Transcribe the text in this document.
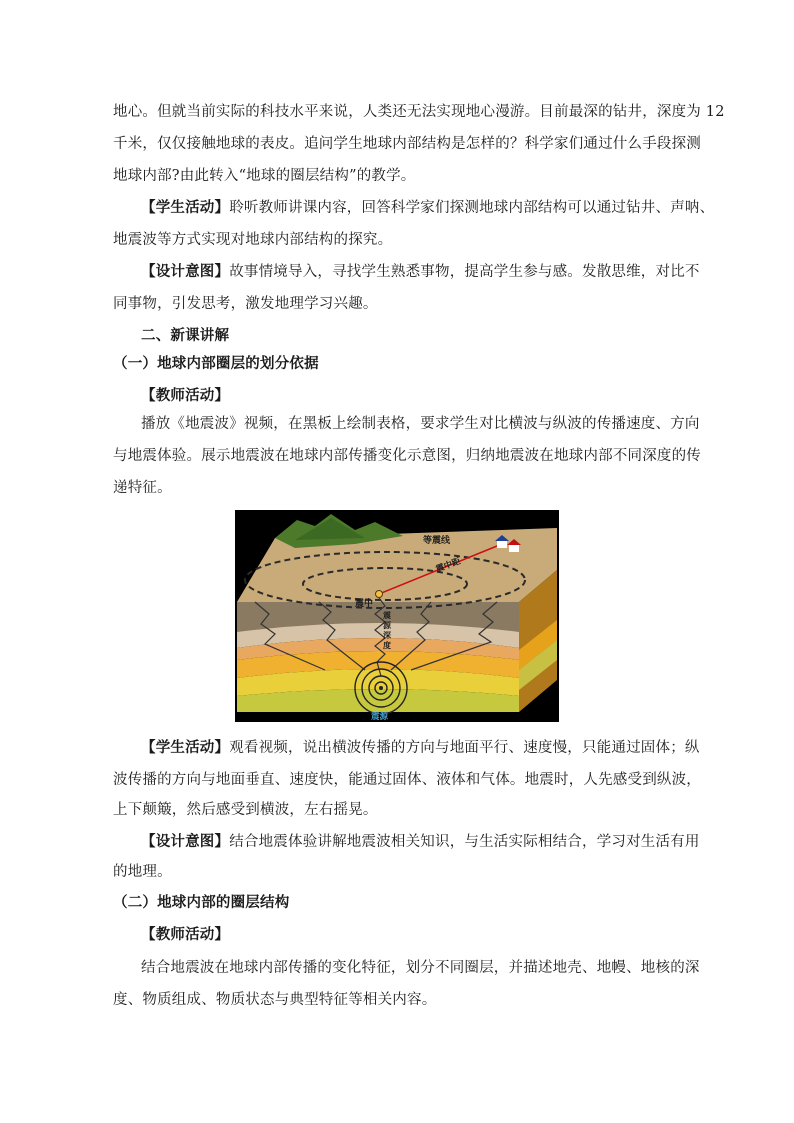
地心。但就当前实际的科技水平来说，人类还无法实现地心漫游。目前最深的钻井，深度为 12
千米，仅仅接触地球的表皮。追问学生地球内部结构是怎样的？科学家们通过什么手段探测
地球内部?由此转入“地球的圈层结构”的教学。
【学生活动】聆听教师讲课内容，回答科学家们探测地球内部结构可以通过钻井、声呐、
地震波等方式实现对地球内部结构的探究。
【设计意图】故事情境导入，寻找学生熟悉事物，提高学生参与感。发散思维，对比不
同事物，引发思考，激发地理学习兴趣。
二、新课讲解
（一）地球内部圈层的划分依据
【教师活动】
播放《地震波》视频，在黑板上绘制表格，要求学生对比横波与纵波的传播速度、方向
与地震体验。展示地震波在地球内部传播变化示意图，归纳地震波在地球内部不同深度的传
递特征。
等震线
震中距
震中
震源深度
震源
【学生活动】观看视频，说出横波传播的方向与地面平行、速度慢，只能通过固体；纵
波传播的方向与地面垂直、速度快，能通过固体、液体和气体。地震时，人先感受到纵波，
上下颠簸，然后感受到横波，左右摇晃。
【设计意图】结合地震体验讲解地震波相关知识，与生活实际相结合，学习对生活有用
的地理。
（二）地球内部的圈层结构
【教师活动】
结合地震波在地球内部传播的变化特征，划分不同圈层，并描述地壳、地幔、地核的深
度、物质组成、物质状态与典型特征等相关内容。
